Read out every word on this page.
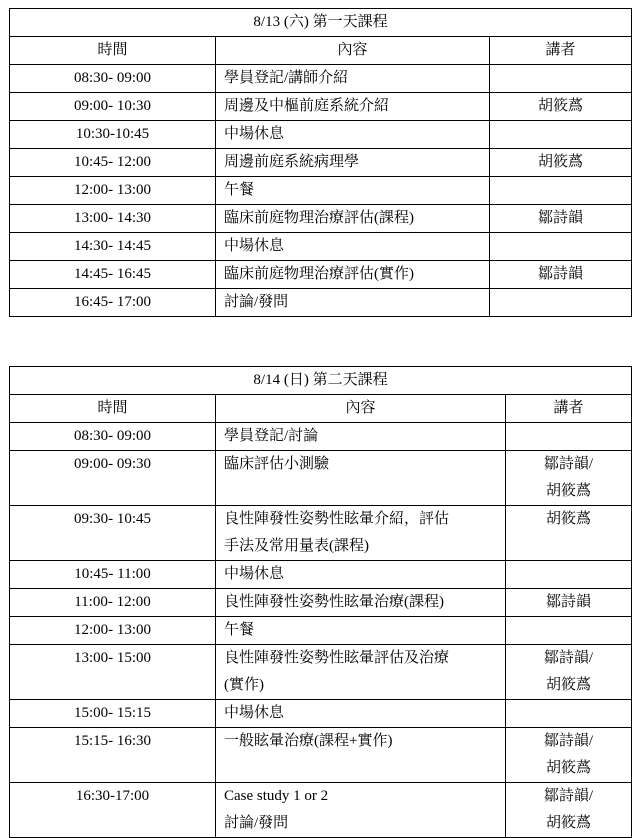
8/13 (六) 第一天課程		
時間	內容	講者
08:30- 09:00	學員登記/講師介紹	

09:00- 10:30	周邊及中樞前庭系統介紹	胡筱蔿

10:30-10:45	中場休息	

10:45- 12:00	周邊前庭系統病理學	胡筱蔿

12:00- 13:00	午餐	

13:00- 14:30	臨床前庭物理治療評估(課程)	鄒詩韻

14:30- 14:45	中場休息	

14:45- 16:45	臨床前庭物理治療評估(實作)	鄒詩韻

16:45- 17:00	討論/發問	

8/14 (日) 第二天課程		
時間	內容	講者
08:30- 09:00	學員登記/討論	

09:00- 09:30	臨床評估小測驗	鄒詩韻/
胡筱蔿

09:30- 10:45	良性陣發性姿勢性眩暈介紹，評估
手法及常用量表(課程)	胡筱蔿

10:45- 11:00	中場休息	

11:00- 12:00	良性陣發性姿勢性眩暈治療(課程)	鄒詩韻

12:00- 13:00	午餐	

13:00- 15:00	良性陣發性姿勢性眩暈評估及治療
(實作)	鄒詩韻/
胡筱蔿

15:00- 15:15	中場休息	

15:15- 16:30	一般眩暈治療(課程+實作)	鄒詩韻/
胡筱蔿

16:30-17:00	Case study 1 or 2
討論/發問	鄒詩韻/
胡筱蔿
